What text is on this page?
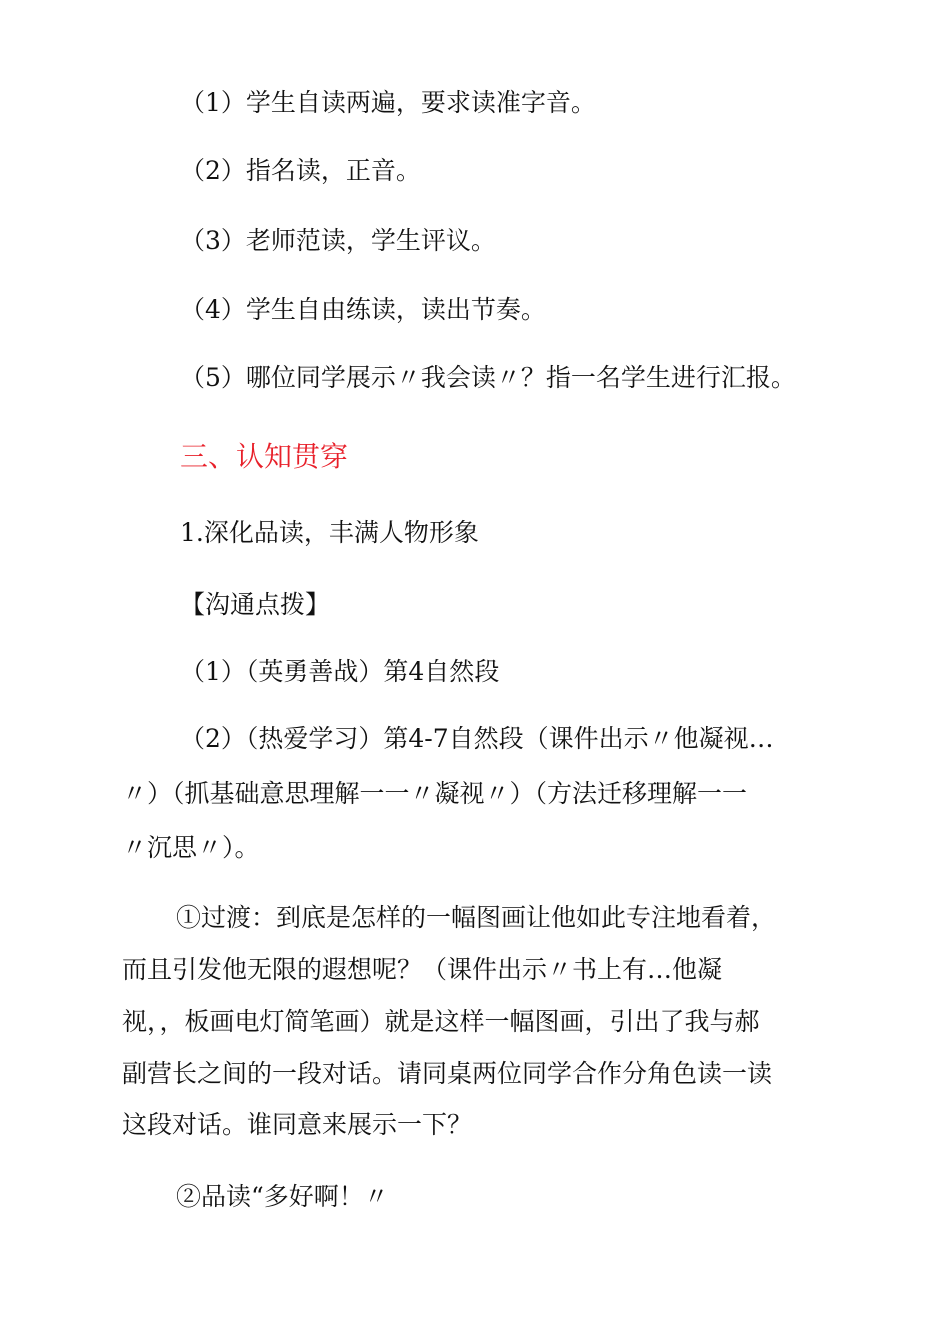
（1）学生自读两遍，要求读准字音。
（2）指名读，正音。
（3）老师范读，学生评议。
（4）学生自由练读，读出节奏。
（5）哪位同学展示〃我会读〃？指一名学生进行汇报。
三、认知贯穿
1.深化品读，丰满人物形象
【沟通点拨】
（1）（英勇善战）第4自然段
（2）（热爱学习）第4-7自然段（课件出示〃他凝视…
〃）（抓基础意思理解一一〃凝视〃）（方法迁移理解一一
〃沉思〃）。
①过渡：到底是怎样的一幅图画让他如此专注地看着，
而且引发他无限的遐想呢？（课件出示〃书上有…他凝
视，，板画电灯简笔画）就是这样一幅图画，引出了我与郝
副营长之间的一段对话。请同桌两位同学合作分角色读一读
这段对话。谁同意来展示一下？
②品读“多好啊！〃
